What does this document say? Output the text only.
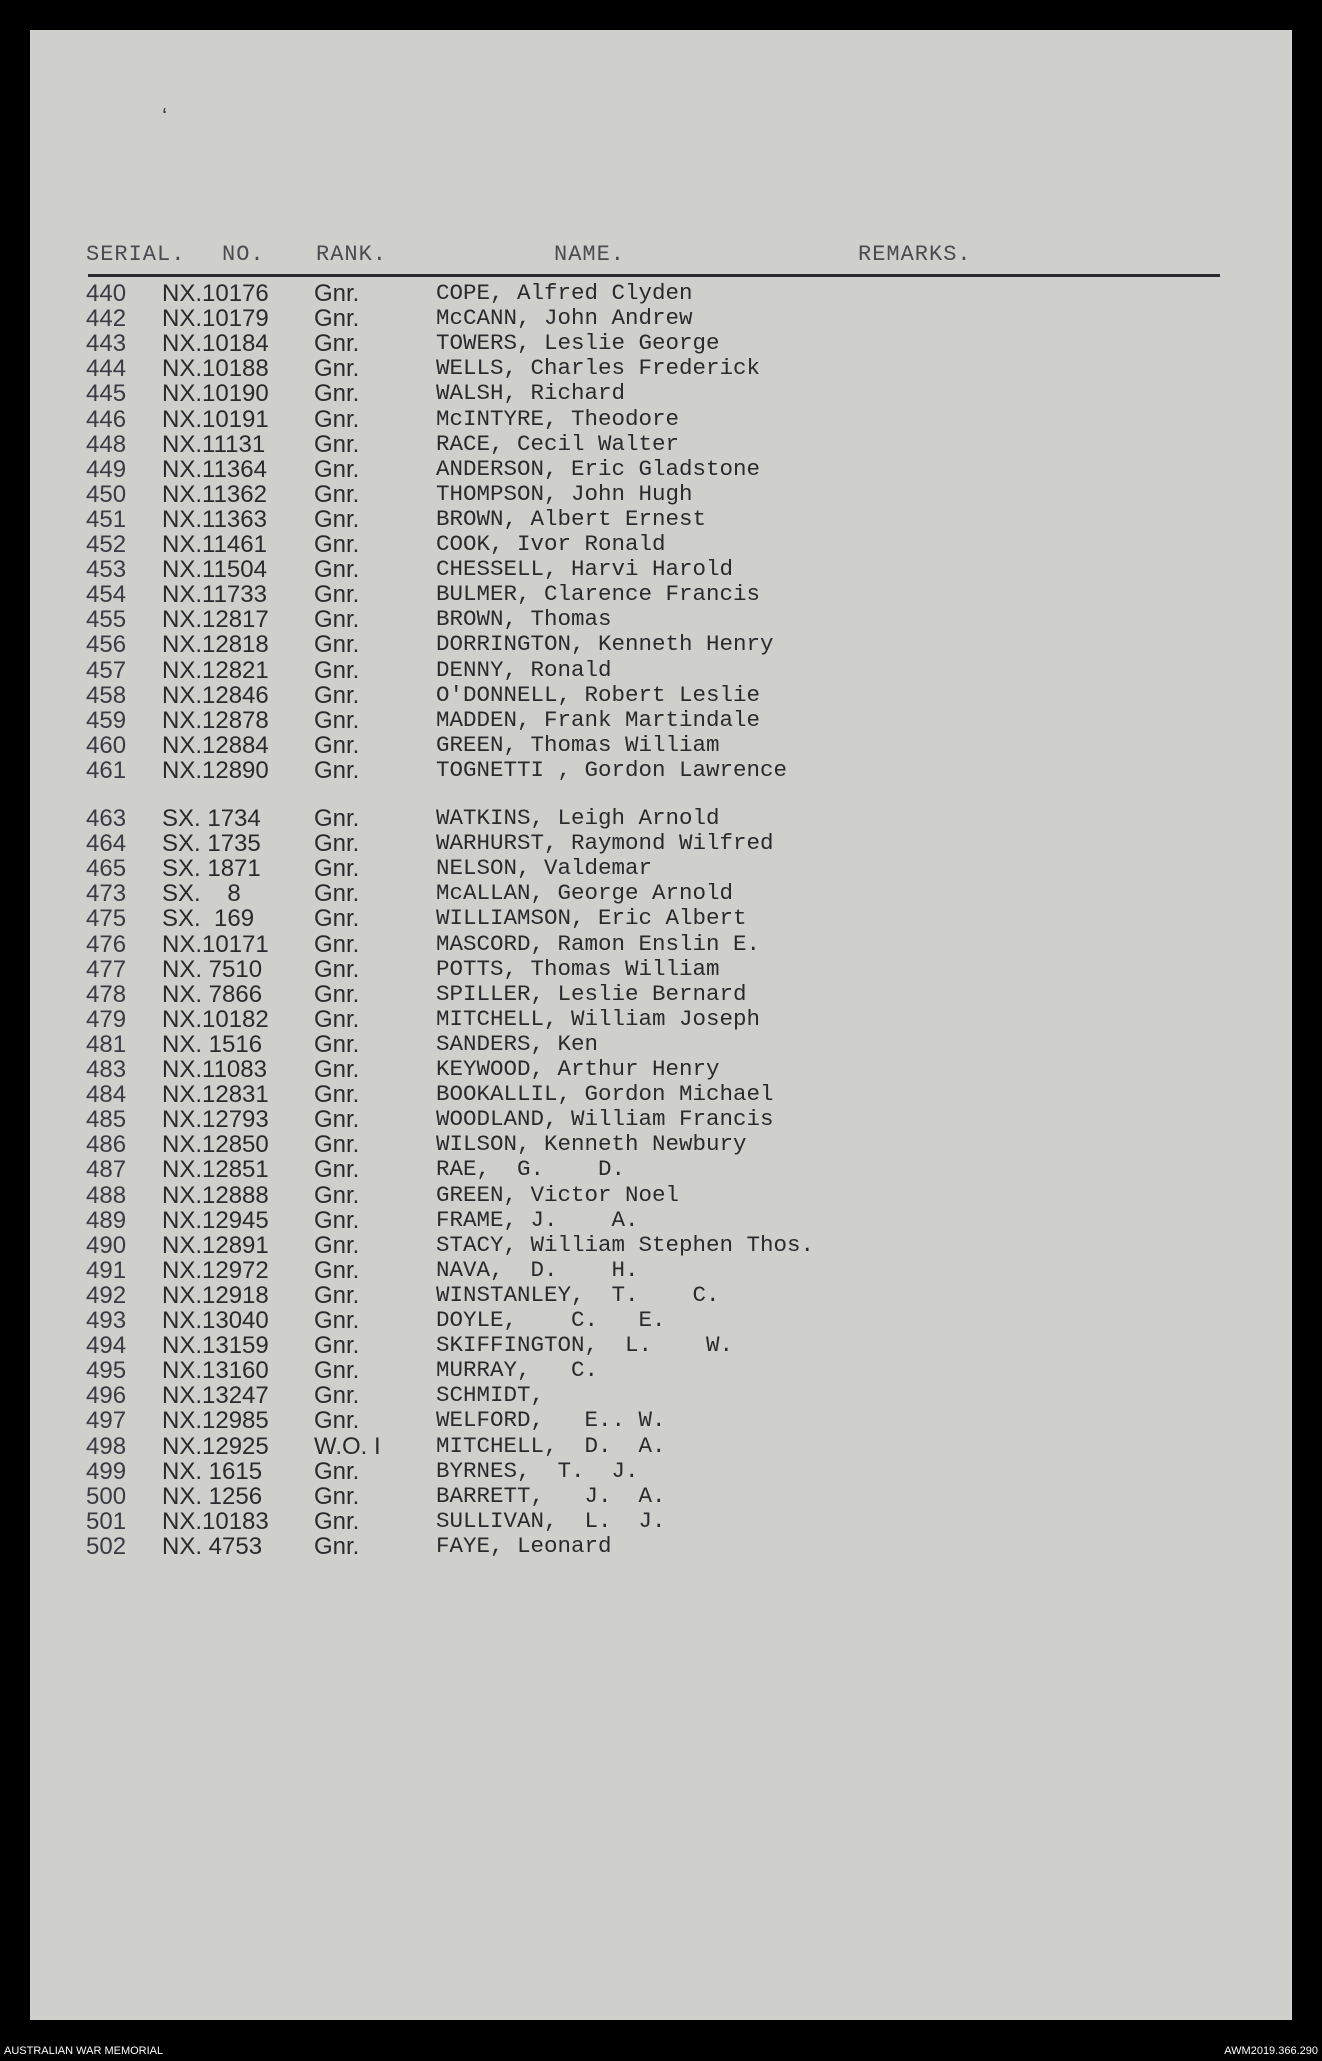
ʻ
SERIAL. NO. RANK.	NAME.	REMARKS.
440 NX.10176	Gnr.	COPE, Alfred Clyden
442 NX.10179	Gnr.	McCANN, John Andrew
443 NX.10184	Gnr.	TOWERS, Leslie George
444 NX.10188	Gnr.	WELLS, Charles Frederick
445 NX.10190	Gnr.	WALSH, Richard
446 NX.10191	Gnr.	McINTYRE, Theodore
448 NX.11131	Gnr.	RACE, Cecil Walter
449 NX.11364	Gnr.	ANDERSON, Eric Gladstone
450 NX.11362	Gnr.	THOMPSON, John Hugh
451 NX.11363	Gnr.	BROWN, Albert Ernest
452 NX.11461	Gnr.	COOK, Ivor Ronald
453 NX.11504	Gnr.	CHESSELL, Harvi Harold
454 NX.11733	Gnr.	BULMER, Clarence Francis
455 NX.12817	Gnr.	BROWN, Thomas
456 NX.12818	Gnr.	DORRINGTON, Kenneth Henry
457 NX.12821	Gnr.	DENNY, Ronald
458 NX.12846	Gnr.	O'DONNELL, Robert Leslie
459 NX.12878	Gnr.	MADDEN, Frank Martindale
460 NX.12884	Gnr.	GREEN, Thomas William
461 NX.12890	Gnr.	TOGNETTI , Gordon Lawrence
463 SX. 1734	Gnr.	WATKINS, Leigh Arnold
464 SX. 1735	Gnr.	WARHURST, Raymond Wilfred
465 SX. 1871	Gnr.	NELSON, Valdemar
473 SX.    8	Gnr.	McALLAN, George Arnold
475 SX.  169	Gnr.	WILLIAMSON, Eric Albert
476 NX.10171	Gnr.	MASCORD, Ramon Enslin E.
477 NX. 7510	Gnr.	POTTS, Thomas William
478 NX. 7866	Gnr.	SPILLER, Leslie Bernard
479 NX.10182	Gnr.	MITCHELL, William Joseph
481 NX. 1516	Gnr.	SANDERS, Ken
483 NX.11083	Gnr.	KEYWOOD, Arthur Henry
484 NX.12831	Gnr.	BOOKALLIL, Gordon Michael
485 NX.12793	Gnr.	WOODLAND, William Francis
486 NX.12850	Gnr.	WILSON, Kenneth Newbury
487 NX.12851	Gnr.	RAE,  G.    D.
488 NX.12888	Gnr.	GREEN, Victor Noel
489 NX.12945	Gnr.	FRAME, J.    A.
490 NX.12891	Gnr.	STACY, William Stephen Thos.
491 NX.12972	Gnr.	NAVA,  D.    H.
492 NX.12918	Gnr.	WINSTANLEY,  T.    C.
493 NX.13040	Gnr.	DOYLE,    C.   E.
494 NX.13159	Gnr.	SKIFFINGTON,  L.    W.
495 NX.13160	Gnr.	MURRAY,   C.
496 NX.13247	Gnr.	SCHMIDT,
497 NX.12985	Gnr.	WELFORD,   E.. W.
498 NX.12925	W.O. I MITCHELL,  D.  A.
499 NX. 1615	Gnr.	BYRNES,  T.  J.
500 NX. 1256	Gnr.	BARRETT,   J.  A.
501 NX.10183	Gnr.	SULLIVAN,  L.  J.
502 NX. 4753	Gnr.	FAYE, Leonard
AUSTRALIAN WAR MEMORIAL	AWM2019.366.290
